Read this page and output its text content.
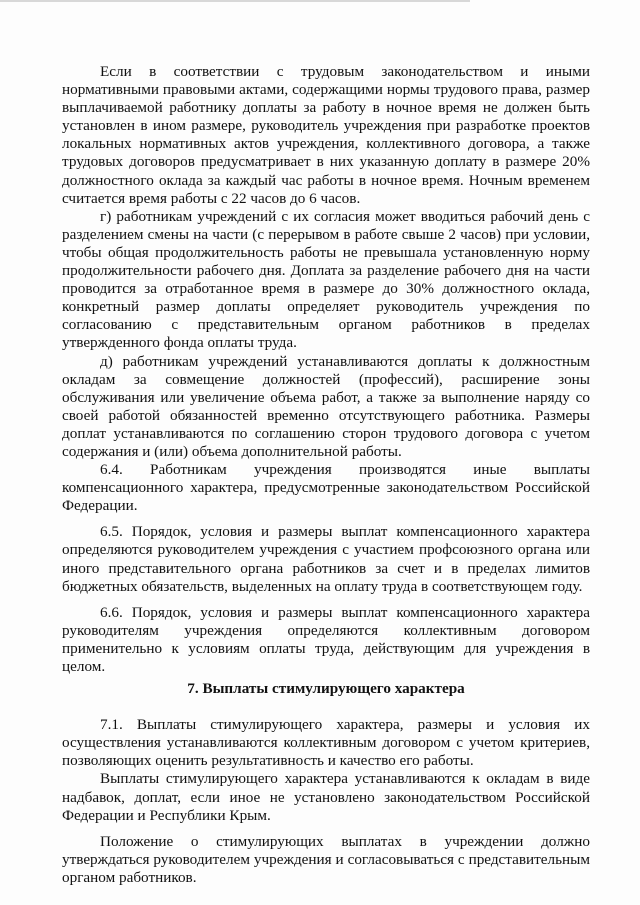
Если в соответствии с трудовым законодательством и иными нормативными правовыми актами, содержащими нормы трудового права, размер выплачиваемой работнику доплаты за работу в ночное время не должен быть установлен в ином размере, руководитель учреждения при разработке проектов локальных нормативных актов учреждения, коллективного договора, а также трудовых договоров предусматривает в них указанную доплату в размере 20% должностного оклада за каждый час работы в ночное время. Ночным временем считается время работы с 22 часов до 6 часов.

г) работникам учреждений с их согласия может вводиться рабочий день с разделением смены на части (с перерывом в работе свыше 2 часов) при условии, чтобы общая продолжительность работы не превышала установленную норму продолжительности рабочего дня. Доплата за разделение рабочего дня на части проводится за отработанное время в размере до 30% должностного оклада, конкретный размер доплаты определяет руководитель учреждения по согласованию с представительным органом работников в пределах утвержденного фонда оплаты труда.

д) работникам учреждений устанавливаются доплаты к должностным окладам за совмещение должностей (профессий), расширение зоны обслуживания или увеличение объема работ, а также за выполнение наряду со своей работой обязанностей временно отсутствующего работника. Размеры доплат устанавливаются по соглашению сторон трудового договора с учетом содержания и (или) объема дополнительной работы.

6.4. Работникам учреждения производятся иные выплаты компенсационного характера, предусмотренные законодательством Российской Федерации.

6.5. Порядок, условия и размеры выплат компенсационного характера определяются руководителем учреждения с участием профсоюзного органа или иного представительного органа работников за счет и в пределах лимитов бюджетных обязательств, выделенных на оплату труда в соответствующем году.

6.6. Порядок, условия и размеры выплат компенсационного характера руководителям учреждения определяются коллективным договором применительно к условиям оплаты труда, действующим для учреждения в целом.

7. Выплаты стимулирующего характера

7.1. Выплаты стимулирующего характера, размеры и условия их осуществления устанавливаются коллективным договором с учетом критериев, позволяющих оценить результативность и качество его работы.

Выплаты стимулирующего характера устанавливаются к окладам в виде надбавок, доплат, если иное не установлено законодательством Российской Федерации и Республики Крым.

Положение о стимулирующих выплатах в учреждении должно утверждаться руководителем учреждения и согласовываться с представительным органом работников.
